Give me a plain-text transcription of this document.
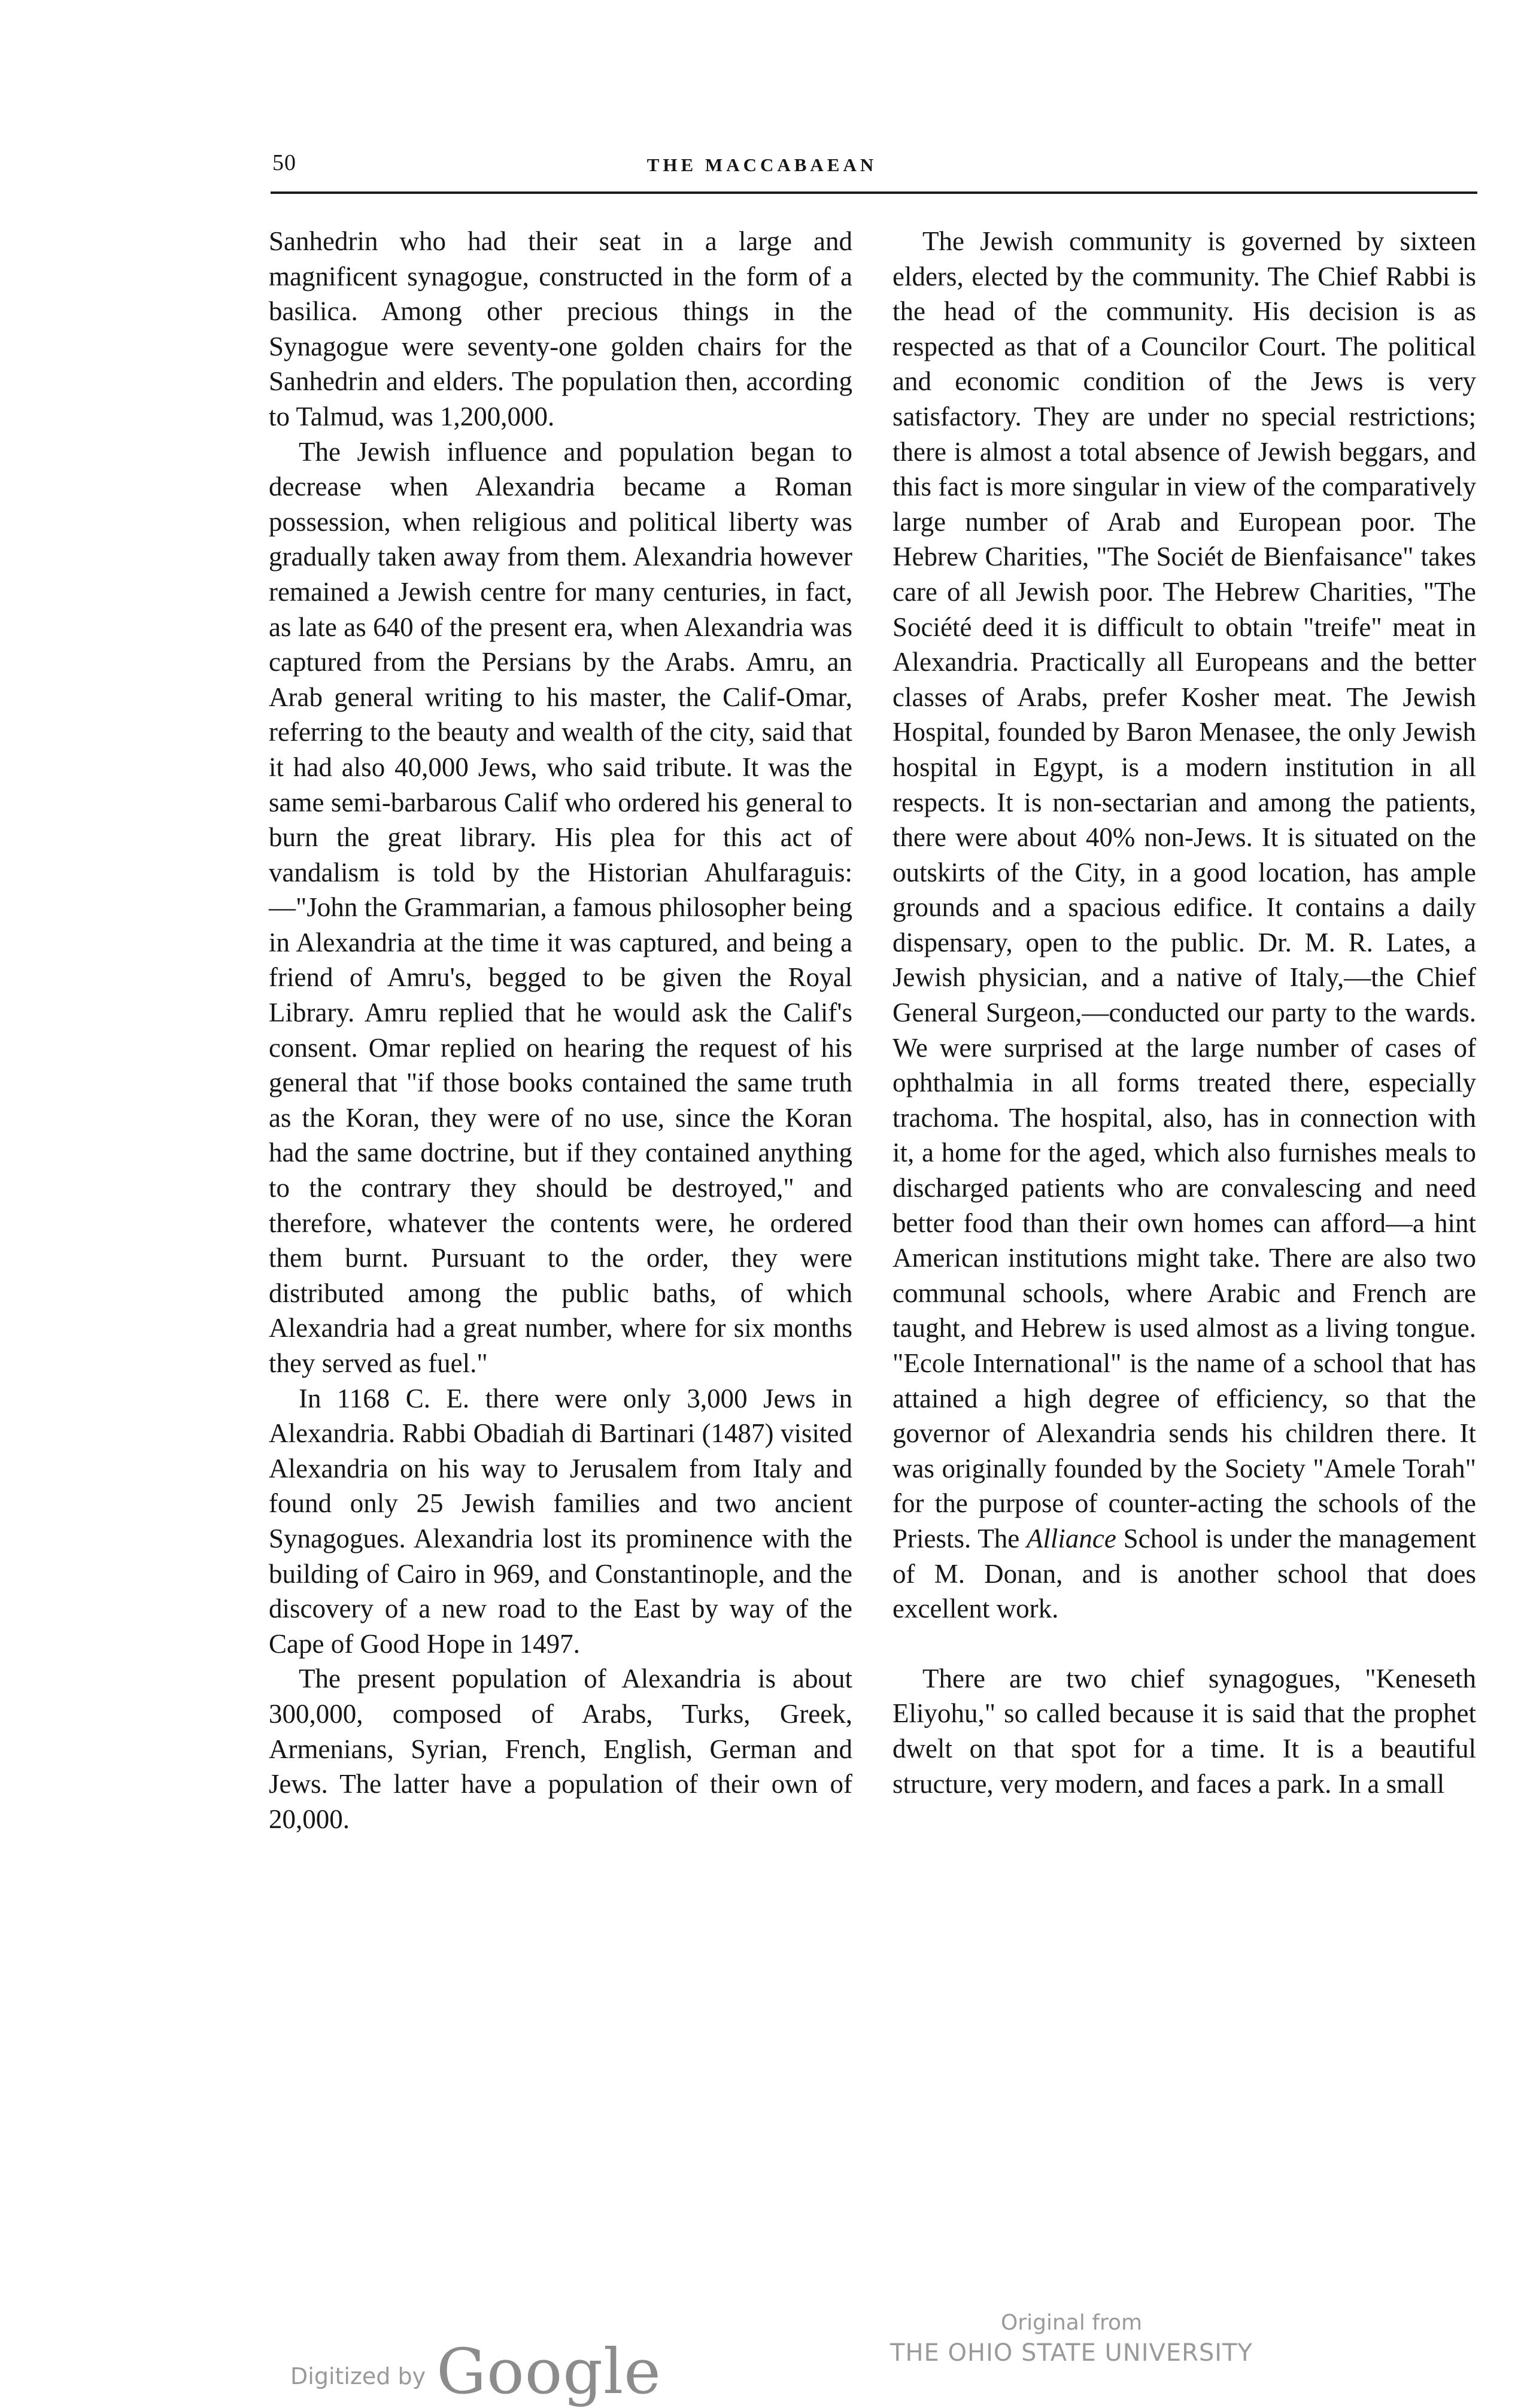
50	THE MACCABAEAN

Sanhedrin who had their seat in a large and magnificent synagogue, constructed in the form of a basilica. Among other precious things in the Synagogue were seventy-one golden chairs for the Sanhedrin and elders. The population then, according to Talmud, was 1,200,000.

The Jewish influence and population began to decrease when Alexandria became a Roman possession, when religious and political liberty was gradually taken away from them. Alexandria however remained a Jewish centre for many centuries, in fact, as late as 640 of the present era, when Alexandria was captured from the Persians by the Arabs. Amru, an Arab general writing to his master, the Calif-Omar, referring to the beauty and wealth of the city, said that it had also 40,000 Jews, who said tribute. It was the same semi-barbarous Calif who ordered his general to burn the great library. His plea for this act of vandalism is told by the Historian Ahulfaraguis:—"John the Grammarian, a famous philosopher being in Alexandria at the time it was captured, and being a friend of Amru's, begged to be given the Royal Library. Amru replied that he would ask the Calif's consent. Omar replied on hearing the request of his general that "if those books contained the same truth as the Koran, they were of no use, since the Koran had the same doctrine, but if they contained anything to the contrary they should be destroyed," and therefore, whatever the contents were, he ordered them burnt. Pursuant to the order, they were distributed among the public baths, of which Alexandria had a great number, where for six months they served as fuel."

In 1168 C. E. there were only 3,000 Jews in Alexandria. Rabbi Obadiah di Bartinari (1487) visited Alexandria on his way to Jerusalem from Italy and found only 25 Jewish families and two ancient Synagogues. Alexandria lost its prominence with the building of Cairo in 969, and Constantinople, and the discovery of a new road to the East by way of the Cape of Good Hope in 1497.

The present population of Alexandria is about 300,000, composed of Arabs, Turks, Greek, Armenians, Syrian, French, English, German and Jews. The latter have a population of their own of 20,000.

The Jewish community is governed by sixteen elders, elected by the community. The Chief Rabbi is the head of the community. His decision is as respected as that of a Councilor Court. The political and economic condition of the Jews is very satisfactory. They are under no special restrictions; there is almost a total absence of Jewish beggars, and this fact is more singular in view of the comparatively large number of Arab and European poor. The Hebrew Charities, "The Sociét de Bienfaisance" takes care of all Jewish poor. The Hebrew Charities, "The Société deed it is difficult to obtain "treife" meat in Alexandria. Practically all Europeans and the better classes of Arabs, prefer Kosher meat. The Jewish Hospital, founded by Baron Menasee, the only Jewish hospital in Egypt, is a modern institution in all respects. It is non-sectarian and among the patients, there were about 40% non-Jews. It is situated on the outskirts of the City, in a good location, has ample grounds and a spacious edifice. It contains a daily dispensary, open to the public. Dr. M. R. Lates, a Jewish physician, and a native of Italy,—the Chief General Surgeon,—conducted our party to the wards. We were surprised at the large number of cases of ophthalmia in all forms treated there, especially trachoma. The hospital, also, has in connection with it, a home for the aged, which also furnishes meals to discharged patients who are convalescing and need better food than their own homes can afford—a hint American institutions might take. There are also two communal schools, where Arabic and French are taught, and Hebrew is used almost as a living tongue. "Ecole International" is the name of a school that has attained a high degree of efficiency, so that the governor of Alexandria sends his children there. It was originally founded by the Society "Amele Torah" for the purpose of counter-acting the schools of the Priests. The Alliance School is under the management of M. Donan, and is another school that does excellent work.

There are two chief synagogues, "Keneseth Eliyohu," so called because it is said that the prophet dwelt on that spot for a time. It is a beautiful structure, very modern, and faces a park. In a small

Digitized by Google
Original from
THE OHIO STATE UNIVERSITY
